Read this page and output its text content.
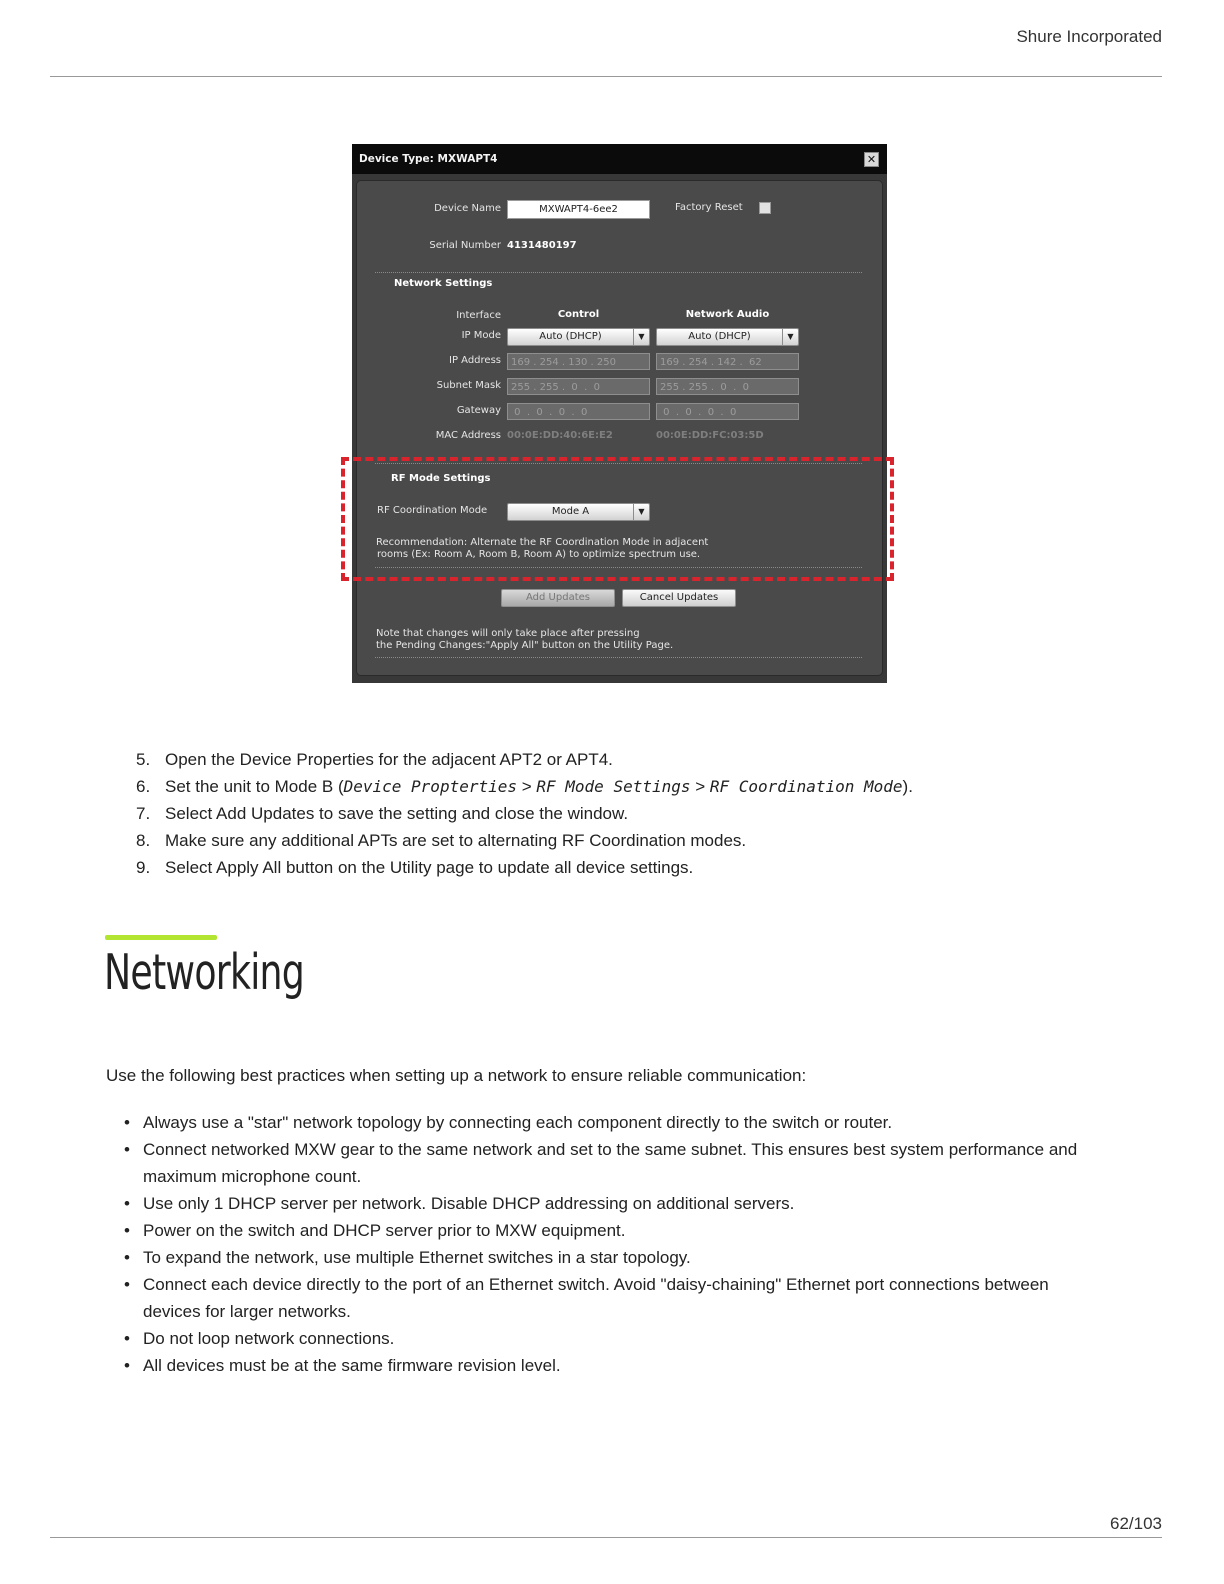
Shure Incorporated
Device Type: MXWAPT4	✕
Device Name	MXWAPT4-6ee2	Factory Reset
Serial Number 4131480197
Network Settings
Interface	Control	Network Audio
IP Mode	Auto (DHCP)	▼	Auto (DHCP)	▼
IP Address	169 . 254 . 130 . 250	169 . 254 . 142 .  62
Subnet Mask	255 . 255 .  0  .  0	255 . 255 .  0  .  0
Gateway	0  .  0  .  0  .  0	0  .  0  .  0  .  0
MAC Address 00:0E:DD:40:6E:E2	00:0E:DD:FC:03:5D
RF Mode Settings
RF Coordination Mode	Mode A	▼
Recommendation: Alternate the RF Coordination Mode in adjacent
rooms (Ex: Room A, Room B, Room A) to optimize spectrum use.
Add Updates	Cancel Updates
Note that changes will only take place after pressing
the Pending Changes:"Apply All" button on the Utility Page.
5. Open the Device Properties for the adjacent APT2 or APT4.
6. Set the unit to Mode B (Device Propterties > RF Mode Settings > RF Coordination Mode).
7. Select Add Updates to save the setting and close the window.
8. Make sure any additional APTs are set to alternating RF Coordination modes.
9. Select Apply All button on the Utility page to update all device settings.
Networking

Use the following best practices when setting up a network to ensure reliable communication:

• Always use a "star" network topology by connecting each component directly to the switch or router.
• Connect networked MXW gear to the same network and set to the same subnet. This ensures best system performance and maximum microphone count.
• Use only 1 DHCP server per network. Disable DHCP addressing on additional servers.
• Power on the switch and DHCP server prior to MXW equipment.
• To expand the network, use multiple Ethernet switches in a star topology.
• Connect each device directly to the port of an Ethernet switch. Avoid "daisy-chaining" Ethernet port connections between devices for larger networks.
• Do not loop network connections.
• All devices must be at the same firmware revision level.
62/103
